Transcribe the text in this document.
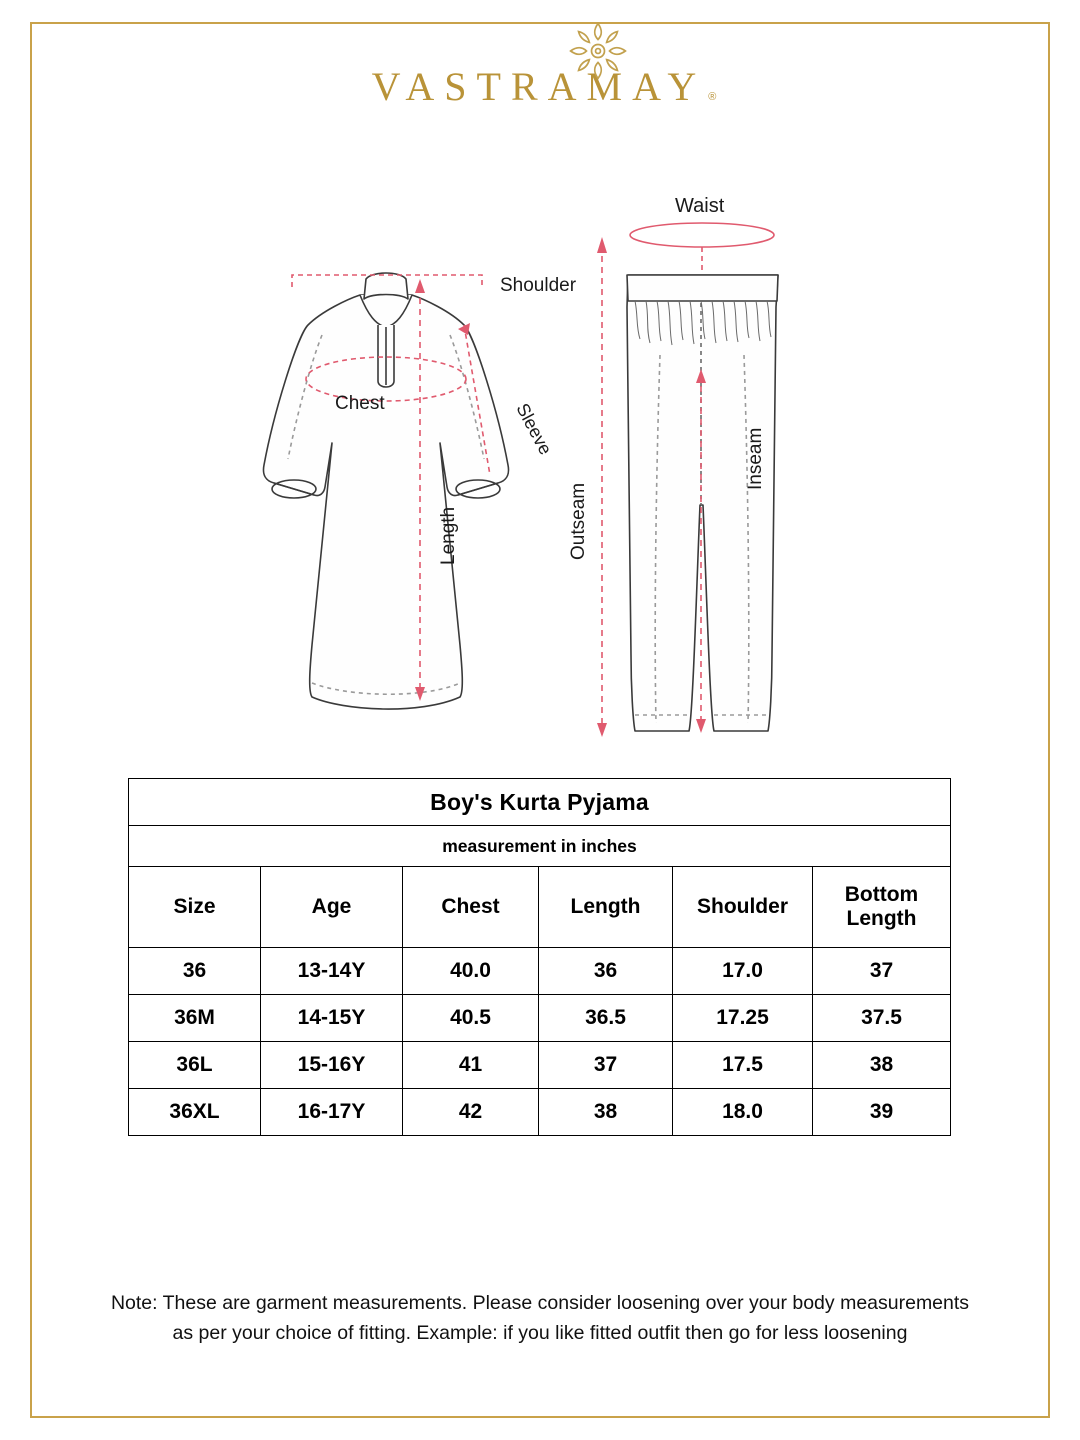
VASTRAMAY ®
Shoulder
Chest	Sleeve
Length
Waist
Outseam
Inseam
Boy's Kurta Pyjama					
measurement in inches					
Size	Age	Chest	Length	Shoulder	Bottom
Length
36	13-14Y	40.0	36	17.0	37
36M	14-15Y	40.5	36.5	17.25	37.5
36L	15-16Y	41	37	17.5	38
36XL	16-17Y	42	38	18.0	39
Note: These are garment measurements. Please consider loosening over your body measurements
as per your choice of fitting. Example: if you like fitted outfit then go for less loosening
